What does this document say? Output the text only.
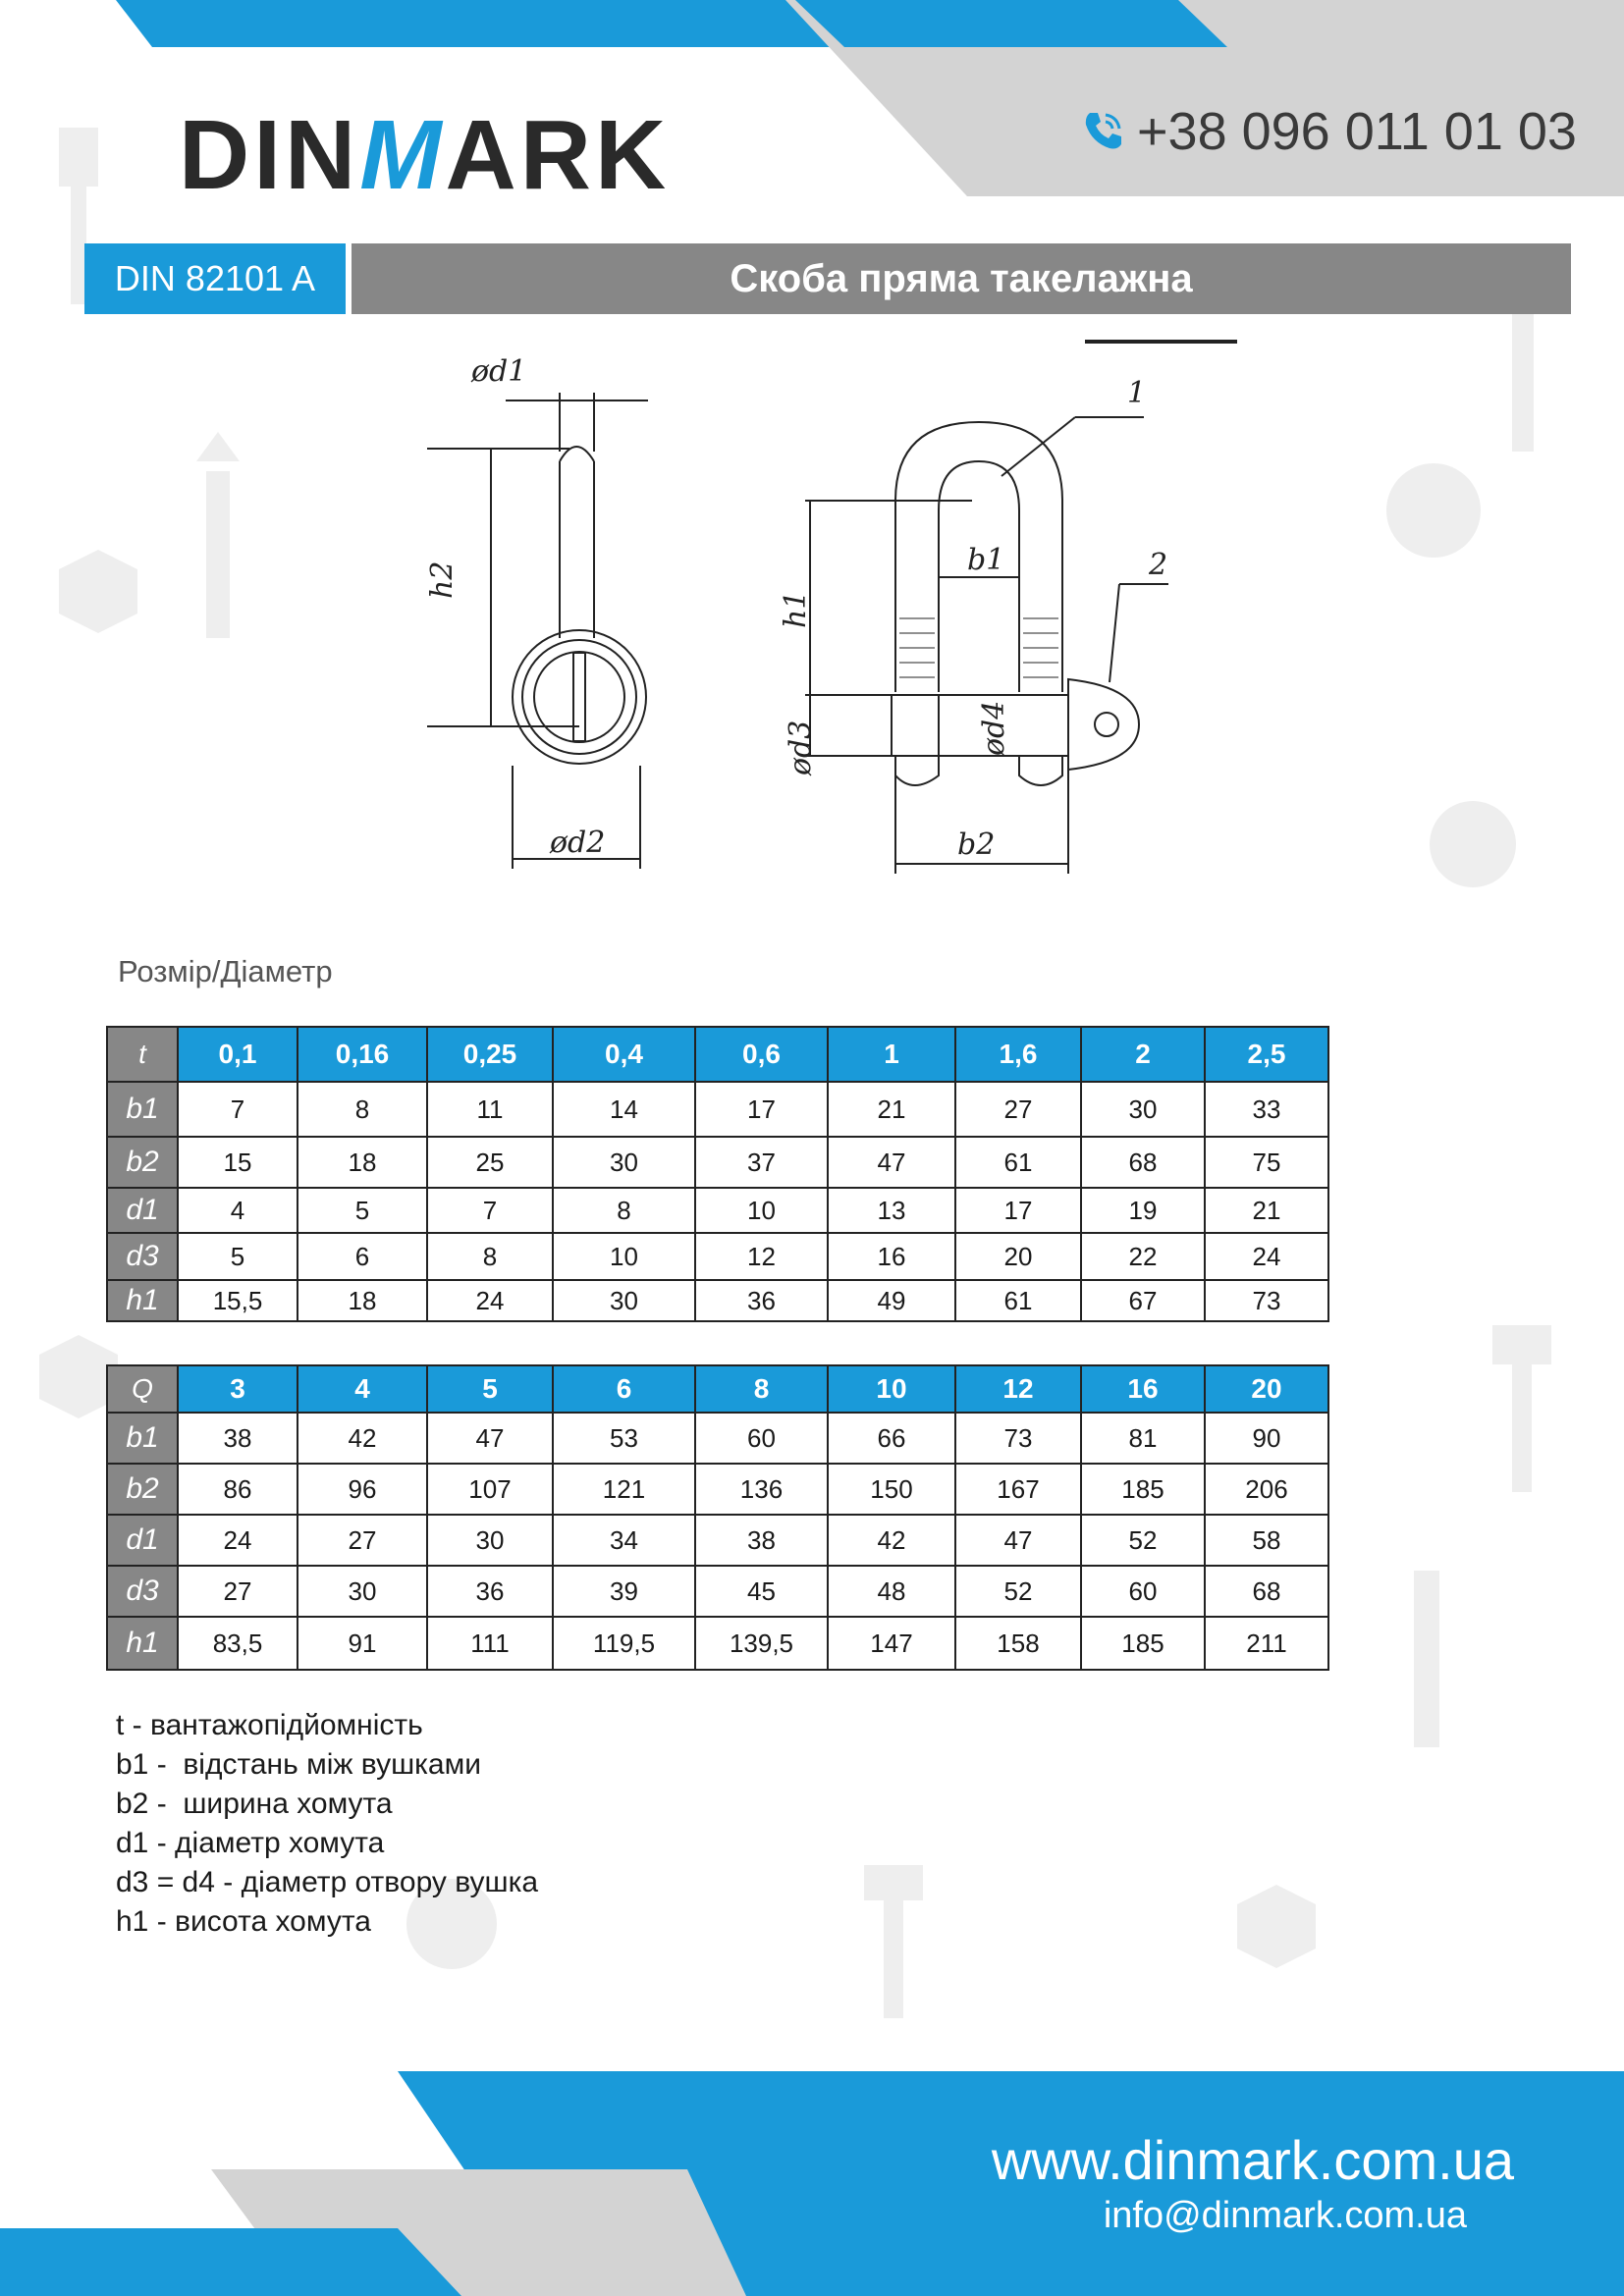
DINMARK	+38 096 011 01 03
DIN 82101 A	Скоба пряма такелажна
ød1
ød2
h2
h1
b1
b2
ød3	ød4
1
2
Розмір/Діаметр
t	0,1	0,16	0,25	0,4	0,6	1	1,6	2	2,5
b1	7	8	11	14	17	21	27	30	33
b2	15	18	25	30	37	47	61	68	75
d1	4	5	7	8	10	13	17	19	21
d3	5	6	8	10	12	16	20	22	24
h1	15,5	18	24	30	36	49	61	67	73
Q	3	4	5	6	8	10	12	16	20
b1	38	42	47	53	60	66	73	81	90
b2	86	96	107	121	136	150	167	185	206
d1	24	27	30	34	38	42	47	52	58
d3	27	30	36	39	45	48	52	60	68
h1	83,5	91	111	119,5	139,5	147	158	185	211
t - вантажопідйомність
b1 -  відстань між вушками
b2 -  ширина хомута
d1 - діаметр хомута
d3 = d4 - діаметр отвору вушка
h1 - висота хомута
www.dinmark.com.ua
info@dinmark.com.ua
